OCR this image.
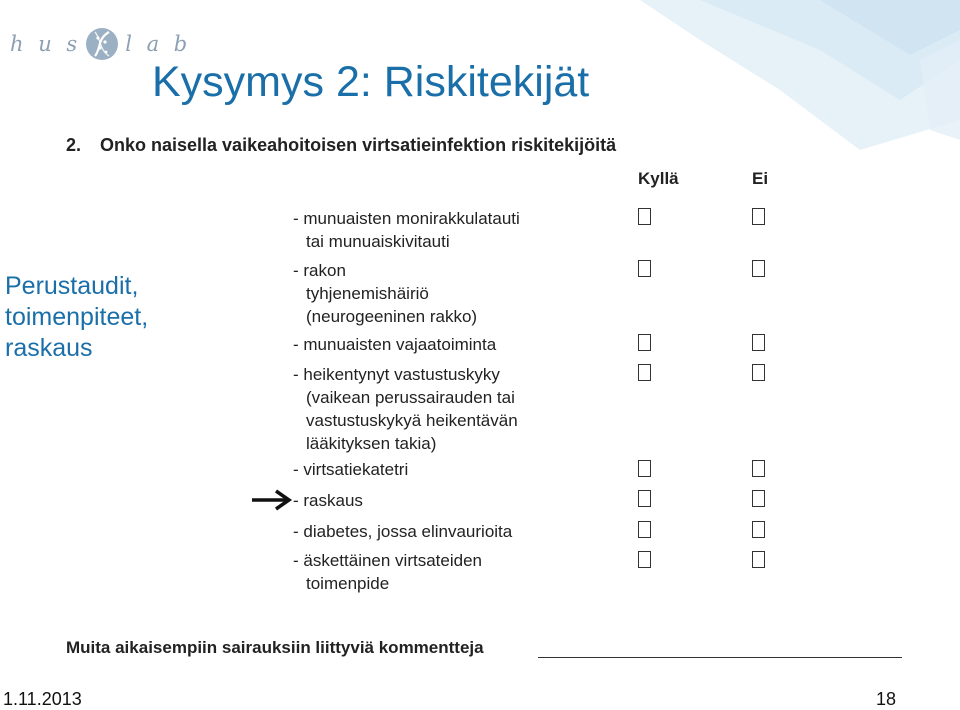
h u s l a b
Kysymys 2: Riskitekijät
Perustaudit,
toimenpiteet,
raskaus
2. Onko naisella vaikeahoitoisen virtsatieinfektion riskitekijöitä
Kyllä	Ei
- munuaisten monirakkulatauti
tai munuaiskivitauti
- rakon
tyhjenemishäiriö
(neurogeeninen rakko)
- munuaisten vajaatoiminta
- heikentynyt vastustuskyky
(vaikean perussairauden tai
vastustuskykyä heikentävän
lääkityksen takia)
- virtsatiekatetri
- raskaus
- diabetes, jossa elinvaurioita
- äskettäinen virtsateiden
toimenpide
Muita aikaisempiin sairauksiin liittyviä kommentteja
1.11.2013	18
